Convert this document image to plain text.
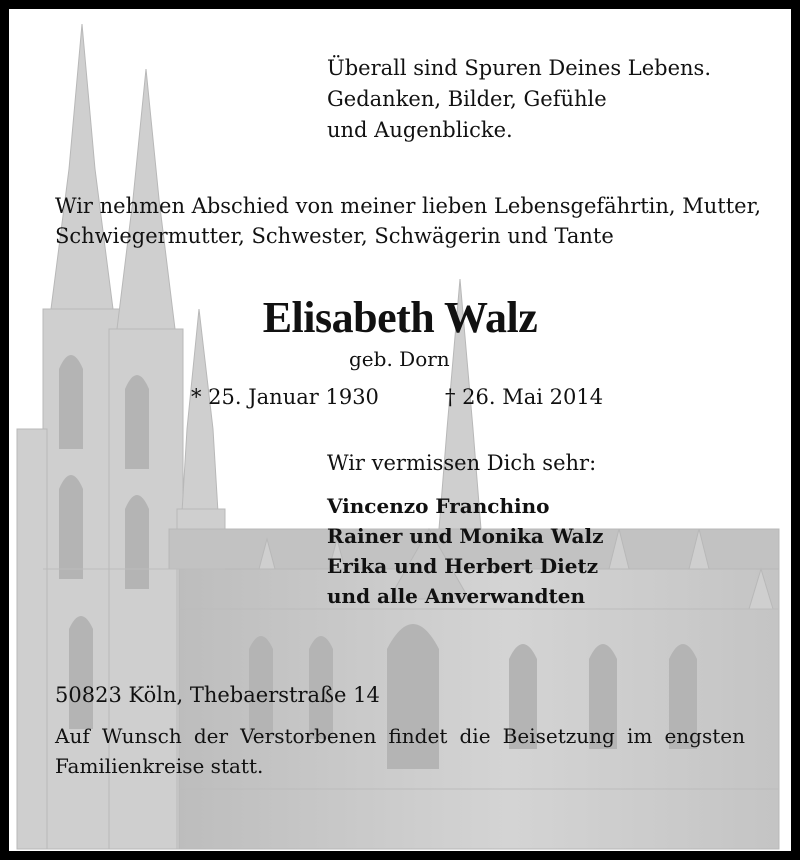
Überall sind Spuren Deines Lebens.
Gedanken, Bilder, Gefühle
und Augenblicke.
Wir nehmen Abschied von meiner lieben Lebensgefährtin, Mutter,
Schwiegermutter, Schwester, Schwägerin und Tante
Elisabeth Walz
geb. Dorn
* 25. Januar 1930	† 26. Mai 2014
Wir vermissen Dich sehr:
Vincenzo Franchino
Rainer und Monika Walz
Erika und Herbert Dietz
und alle Anverwandten
50823 Köln, Thebaerstraße 14
Auf Wunsch der Verstorbenen findet die Beisetzung im engsten Familienkreise statt.
